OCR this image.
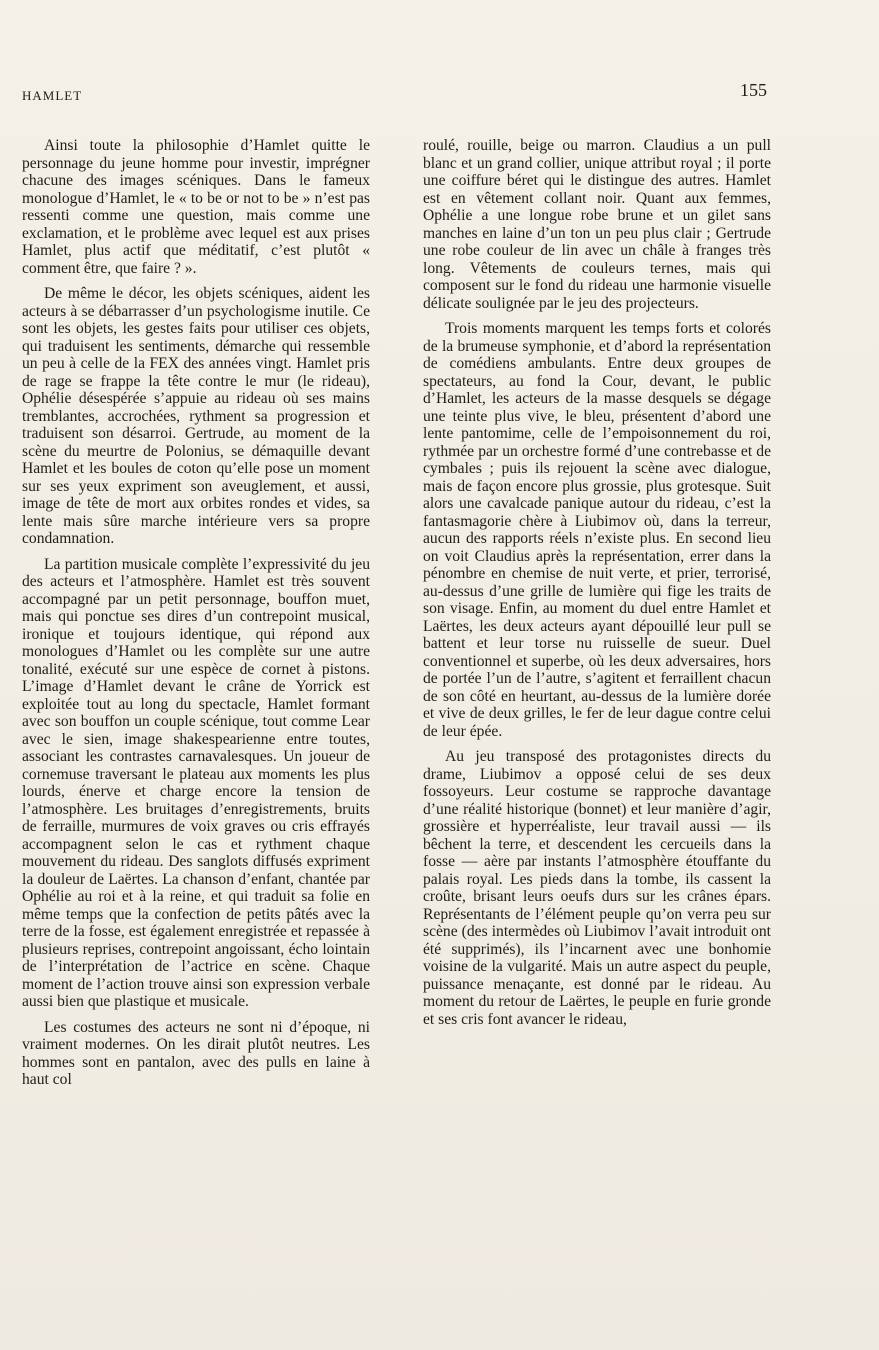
HAMLET	155

Ainsi toute la philosophie d’Hamlet quitte le personnage du jeune homme pour investir, imprégner chacune des images scéniques. Dans le fameux monologue d’Hamlet, le « to be or not to be » n’est pas ressenti comme une question, mais comme une exclamation, et le problème avec lequel est aux prises Hamlet, plus actif que méditatif, c’est plutôt « comment être, que faire ? ».

De même le décor, les objets scéniques, aident les acteurs à se débarrasser d’un psychologisme inutile. Ce sont les objets, les gestes faits pour utiliser ces objets, qui traduisent les sentiments, démarche qui ressemble un peu à celle de la FEX des années vingt. Hamlet pris de rage se frappe la tête contre le mur (le rideau), Ophélie désespérée s’appuie au rideau où ses mains tremblantes, accrochées, rythment sa progression et traduisent son désarroi. Gertrude, au moment de la scène du meurtre de Polonius, se démaquille devant Hamlet et les boules de coton qu’elle pose un moment sur ses yeux expriment son aveuglement, et aussi, image de tête de mort aux orbites rondes et vides, sa lente mais sûre marche intérieure vers sa propre condamnation.

La partition musicale complète l’expressivité du jeu des acteurs et l’atmosphère. Hamlet est très souvent accompagné par un petit personnage, bouffon muet, mais qui ponctue ses dires d’un contrepoint musical, ironique et toujours identique, qui répond aux monologues d’Hamlet ou les complète sur une autre tonalité, exécuté sur une espèce de cornet à pistons. L’image d’Hamlet devant le crâne de Yorrick est exploitée tout au long du spectacle, Hamlet formant avec son bouffon un couple scénique, tout comme Lear avec le sien, image shakespearienne entre toutes, associant les contrastes carnavalesques. Un joueur de cornemuse traversant le plateau aux moments les plus lourds, énerve et charge encore la tension de l’atmosphère. Les bruitages d’enregistrements, bruits de ferraille, murmures de voix graves ou cris effrayés accompagnent selon le cas et rythment chaque mouvement du rideau. Des sanglots diffusés expriment la douleur de Laërtes. La chanson d’enfant, chantée par Ophélie au roi et à la reine, et qui traduit sa folie en même temps que la confection de petits pâtés avec la terre de la fosse, est également enregistrée et repassée à plusieurs reprises, contrepoint angoissant, écho lointain de l’interprétation de l’actrice en scène. Chaque moment de l’action trouve ainsi son expression verbale aussi bien que plastique et musicale.

Les costumes des acteurs ne sont ni d’époque, ni vraiment modernes. On les dirait plutôt neutres. Les hommes sont en pantalon, avec des pulls en laine à haut col

roulé, rouille, beige ou marron. Claudius a un pull blanc et un grand collier, unique attribut royal ; il porte une coiffure béret qui le distingue des autres. Hamlet est en vêtement collant noir. Quant aux femmes, Ophélie a une longue robe brune et un gilet sans manches en laine d’un ton un peu plus clair ; Gertrude une robe couleur de lin avec un châle à franges très long. Vêtements de couleurs ternes, mais qui composent sur le fond du rideau une harmonie visuelle délicate soulignée par le jeu des projecteurs.

Trois moments marquent les temps forts et colorés de la brumeuse symphonie, et d’abord la représentation de comédiens ambulants. Entre deux groupes de spectateurs, au fond la Cour, devant, le public d’Hamlet, les acteurs de la masse desquels se dégage une teinte plus vive, le bleu, présentent d’abord une lente pantomime, celle de l’empoisonnement du roi, rythmée par un orchestre formé d’une contrebasse et de cymbales ; puis ils rejouent la scène avec dialogue, mais de façon encore plus grossie, plus grotesque. Suit alors une cavalcade panique autour du rideau, c’est la fantasmagorie chère à Liubimov où, dans la terreur, aucun des rapports réels n’existe plus. En second lieu on voit Claudius après la représentation, errer dans la pénombre en chemise de nuit verte, et prier, terrorisé, au-dessus d’une grille de lumière qui fige les traits de son visage. Enfin, au moment du duel entre Hamlet et Laërtes, les deux acteurs ayant dépouillé leur pull se battent et leur torse nu ruisselle de sueur. Duel conventionnel et superbe, où les deux adversaires, hors de portée l’un de l’autre, s’agitent et ferraillent chacun de son côté en heurtant, au-dessus de la lumière dorée et vive de deux grilles, le fer de leur dague contre celui de leur épée.

Au jeu transposé des protagonistes directs du drame, Liubimov a opposé celui de ses deux fossoyeurs. Leur costume se rapproche davantage d’une réalité historique (bonnet) et leur manière d’agir, grossière et hyperréaliste, leur travail aussi — ils bêchent la terre, et descendent les cercueils dans la fosse — aère par instants l’atmosphère étouffante du palais royal. Les pieds dans la tombe, ils cassent la croûte, brisant leurs oeufs durs sur les crânes épars. Représentants de l’élément peuple qu’on verra peu sur scène (des intermèdes où Liubimov l’avait introduit ont été supprimés), ils l’incarnent avec une bonhomie voisine de la vulgarité. Mais un autre aspect du peuple, puissance menaçante, est donné par le rideau. Au moment du retour de Laërtes, le peuple en furie gronde et ses cris font avancer le rideau,
